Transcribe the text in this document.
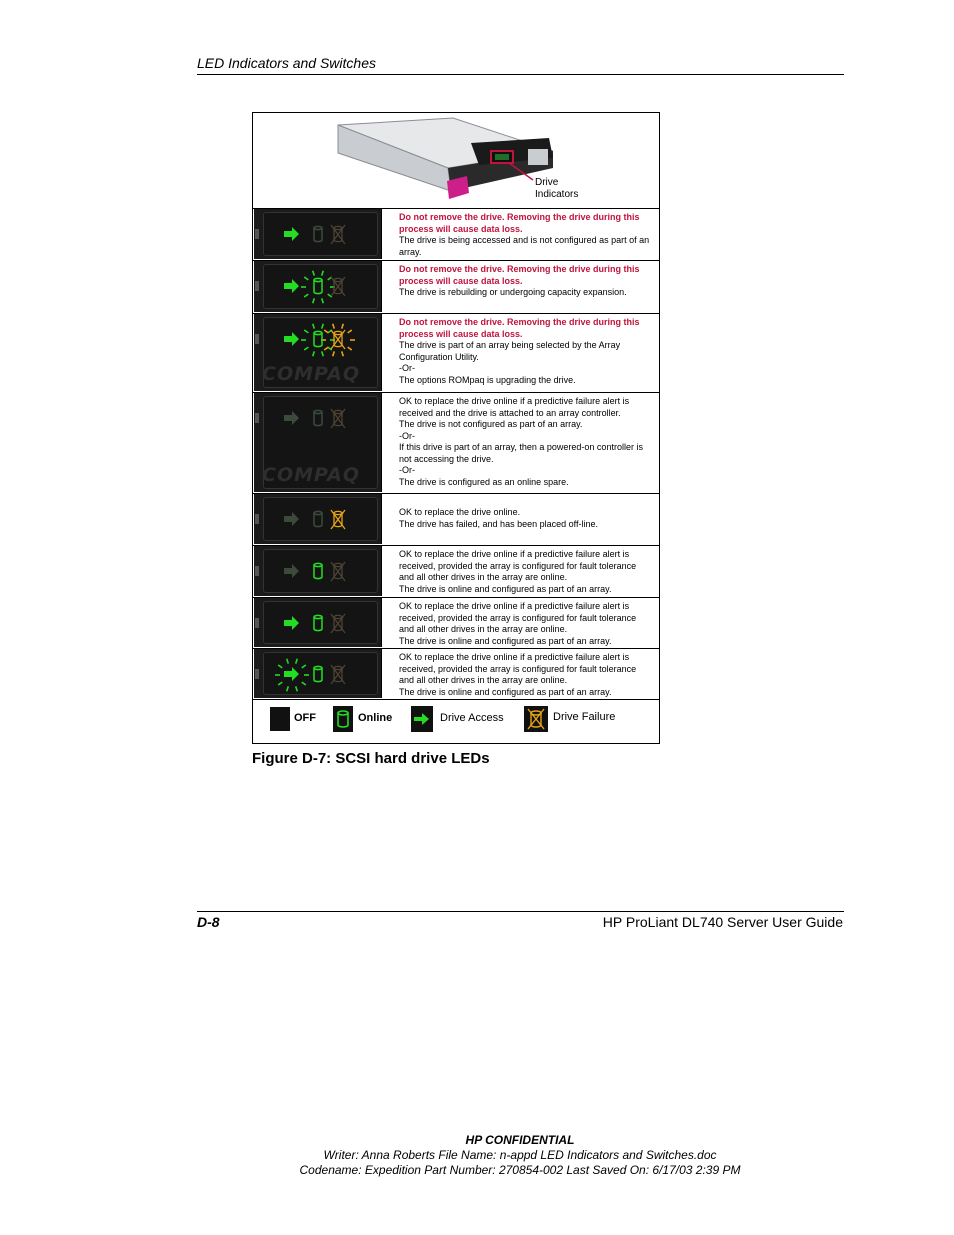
LED Indicators and Switches
Drive
Indicators
Do not remove the drive. Removing the drive during this process will cause data loss.
The drive is being accessed and is not configured as part of an array.
Do not remove the drive. Removing the drive during this process will cause data loss.
The drive is rebuilding or undergoing capacity expansion.
COMPAQ
Do not remove the drive. Removing the drive during this process will cause data loss.
The drive is part of an array being selected by the Array Configuration Utility.
-Or-
The options ROMpaq is upgrading the drive.
COMPAQ
OK to replace the drive online if a predictive failure alert is received and the drive is attached to an array controller.
The drive is not configured as part of an array.
-Or-
If this drive is part of an array, then a powered-on controller is not accessing the drive.
-Or-
The drive is configured as an online spare.
OK to replace the drive online.
The drive has failed, and has been placed off-line.
OK to replace the drive online if a predictive failure alert is received, provided the array is configured for fault tolerance and all other drives in the array are online.
The drive is online and configured as part of an array.
OK to replace the drive online if a predictive failure alert is received, provided the array is configured for fault tolerance and all other drives in the array are online.
The drive is online and configured as part of an array.
OK to replace the drive online if a predictive failure alert is received, provided the array is configured for fault tolerance and all other drives in the array are online.
The drive is online and configured as part of an array.
OFF	Online	Drive Access	Drive Failure
Figure D-7: SCSI hard drive LEDs
D-8	HP ProLiant DL740 Server User Guide
HP CONFIDENTIAL
Writer: Anna Roberts File Name: n-appd LED Indicators and Switches.doc
Codename: Expedition Part Number: 270854-002 Last Saved On: 6/17/03 2:39 PM
